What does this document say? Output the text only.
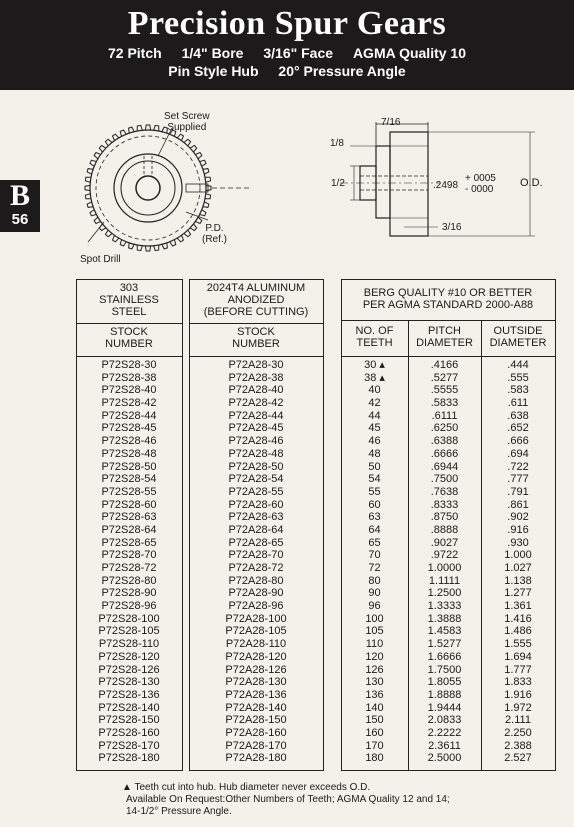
Precision Spur Gears
72 Pitch 1/4" Bore 3/16" Face AGMA Quality 10
Pin Style Hub 20° Pressure Angle
B
56
Set Screw
Supplied
P.D.
(Ref.)
Spot Drill
7/16
1/8
1/2	.2498
+ 0005
- 0000
O.D.
3/16
303
STAINLESS
STEEL
STOCK
NUMBER
P72S28-30
P72S28-38
P72S28-40
P72S28-42
P72S28-44
P72S28-45
P72S28-46
P72S28-48
P72S28-50
P72S28-54
P72S28-55
P72S28-60
P72S28-63
P72S28-64
P72S28-65
P72S28-70
P72S28-72
P72S28-80
P72S28-90
P72S28-96
P72S28-100
P72S28-105
P72S28-110
P72S28-120
P72S28-126
P72S28-130
P72S28-136
P72S28-140
P72S28-150
P72S28-160
P72S28-170
P72S28-180
2024T4 ALUMINUM
ANODIZED
(BEFORE CUTTING)
STOCK
NUMBER
P72A28-30
P72A28-38
P72A28-40
P72A28-42
P72A28-44
P72A28-45
P72A28-46
P72A28-48
P72A28-50
P72A28-54
P72A28-55
P72A28-60
P72A28-63
P72A28-64
P72A28-65
P72A28-70
P72A28-72
P72A28-80
P72A28-90
P72A28-96
P72A28-100
P72A28-105
P72A28-110
P72A28-120
P72A28-126
P72A28-130
P72A28-136
P72A28-140
P72A28-150
P72A28-160
P72A28-170
P72A28-180
BERG QUALITY #10 OR BETTER
PER AGMA STANDARD 2000-A88
NO. OF
TEETH
PITCH
DIAMETER
OUTSIDE
DIAMETER
30 ▴
38 ▴
40
42
44
45
46
48
50
54
55
60
63
64
65
70
72
80
90
96
100
105
110
120
126
130
136
140
150
160
170
180
.4166
.5277
.5555
.5833
.6111
.6250
.6388
.6666
.6944
.7500
.7638
.8333
.8750
.8888
.9027
.9722
1.0000
1.1111
1.2500
1.3333
1.3888
1.4583
1.5277
1.6666
1.7500
1.8055
1.8888
1.9444
2.0833
2.2222
2.3611
2.5000
.444
.555
.583
.611
.638
.652
.666
.694
.722
.777
.791
.861
.902
.916
.930
1.000
1.027
1.138
1.277
1.361
1.416
1.486
1.555
1.694
1.777
1.833
1.916
1.972
2.111
2.250
2.388
2.527
▲ Teeth cut into hub. Hub diameter never exceeds O.D.
Available On Request:Other Numbers of Teeth; AGMA Quality 12 and 14;
14-1/2° Pressure Angle.
